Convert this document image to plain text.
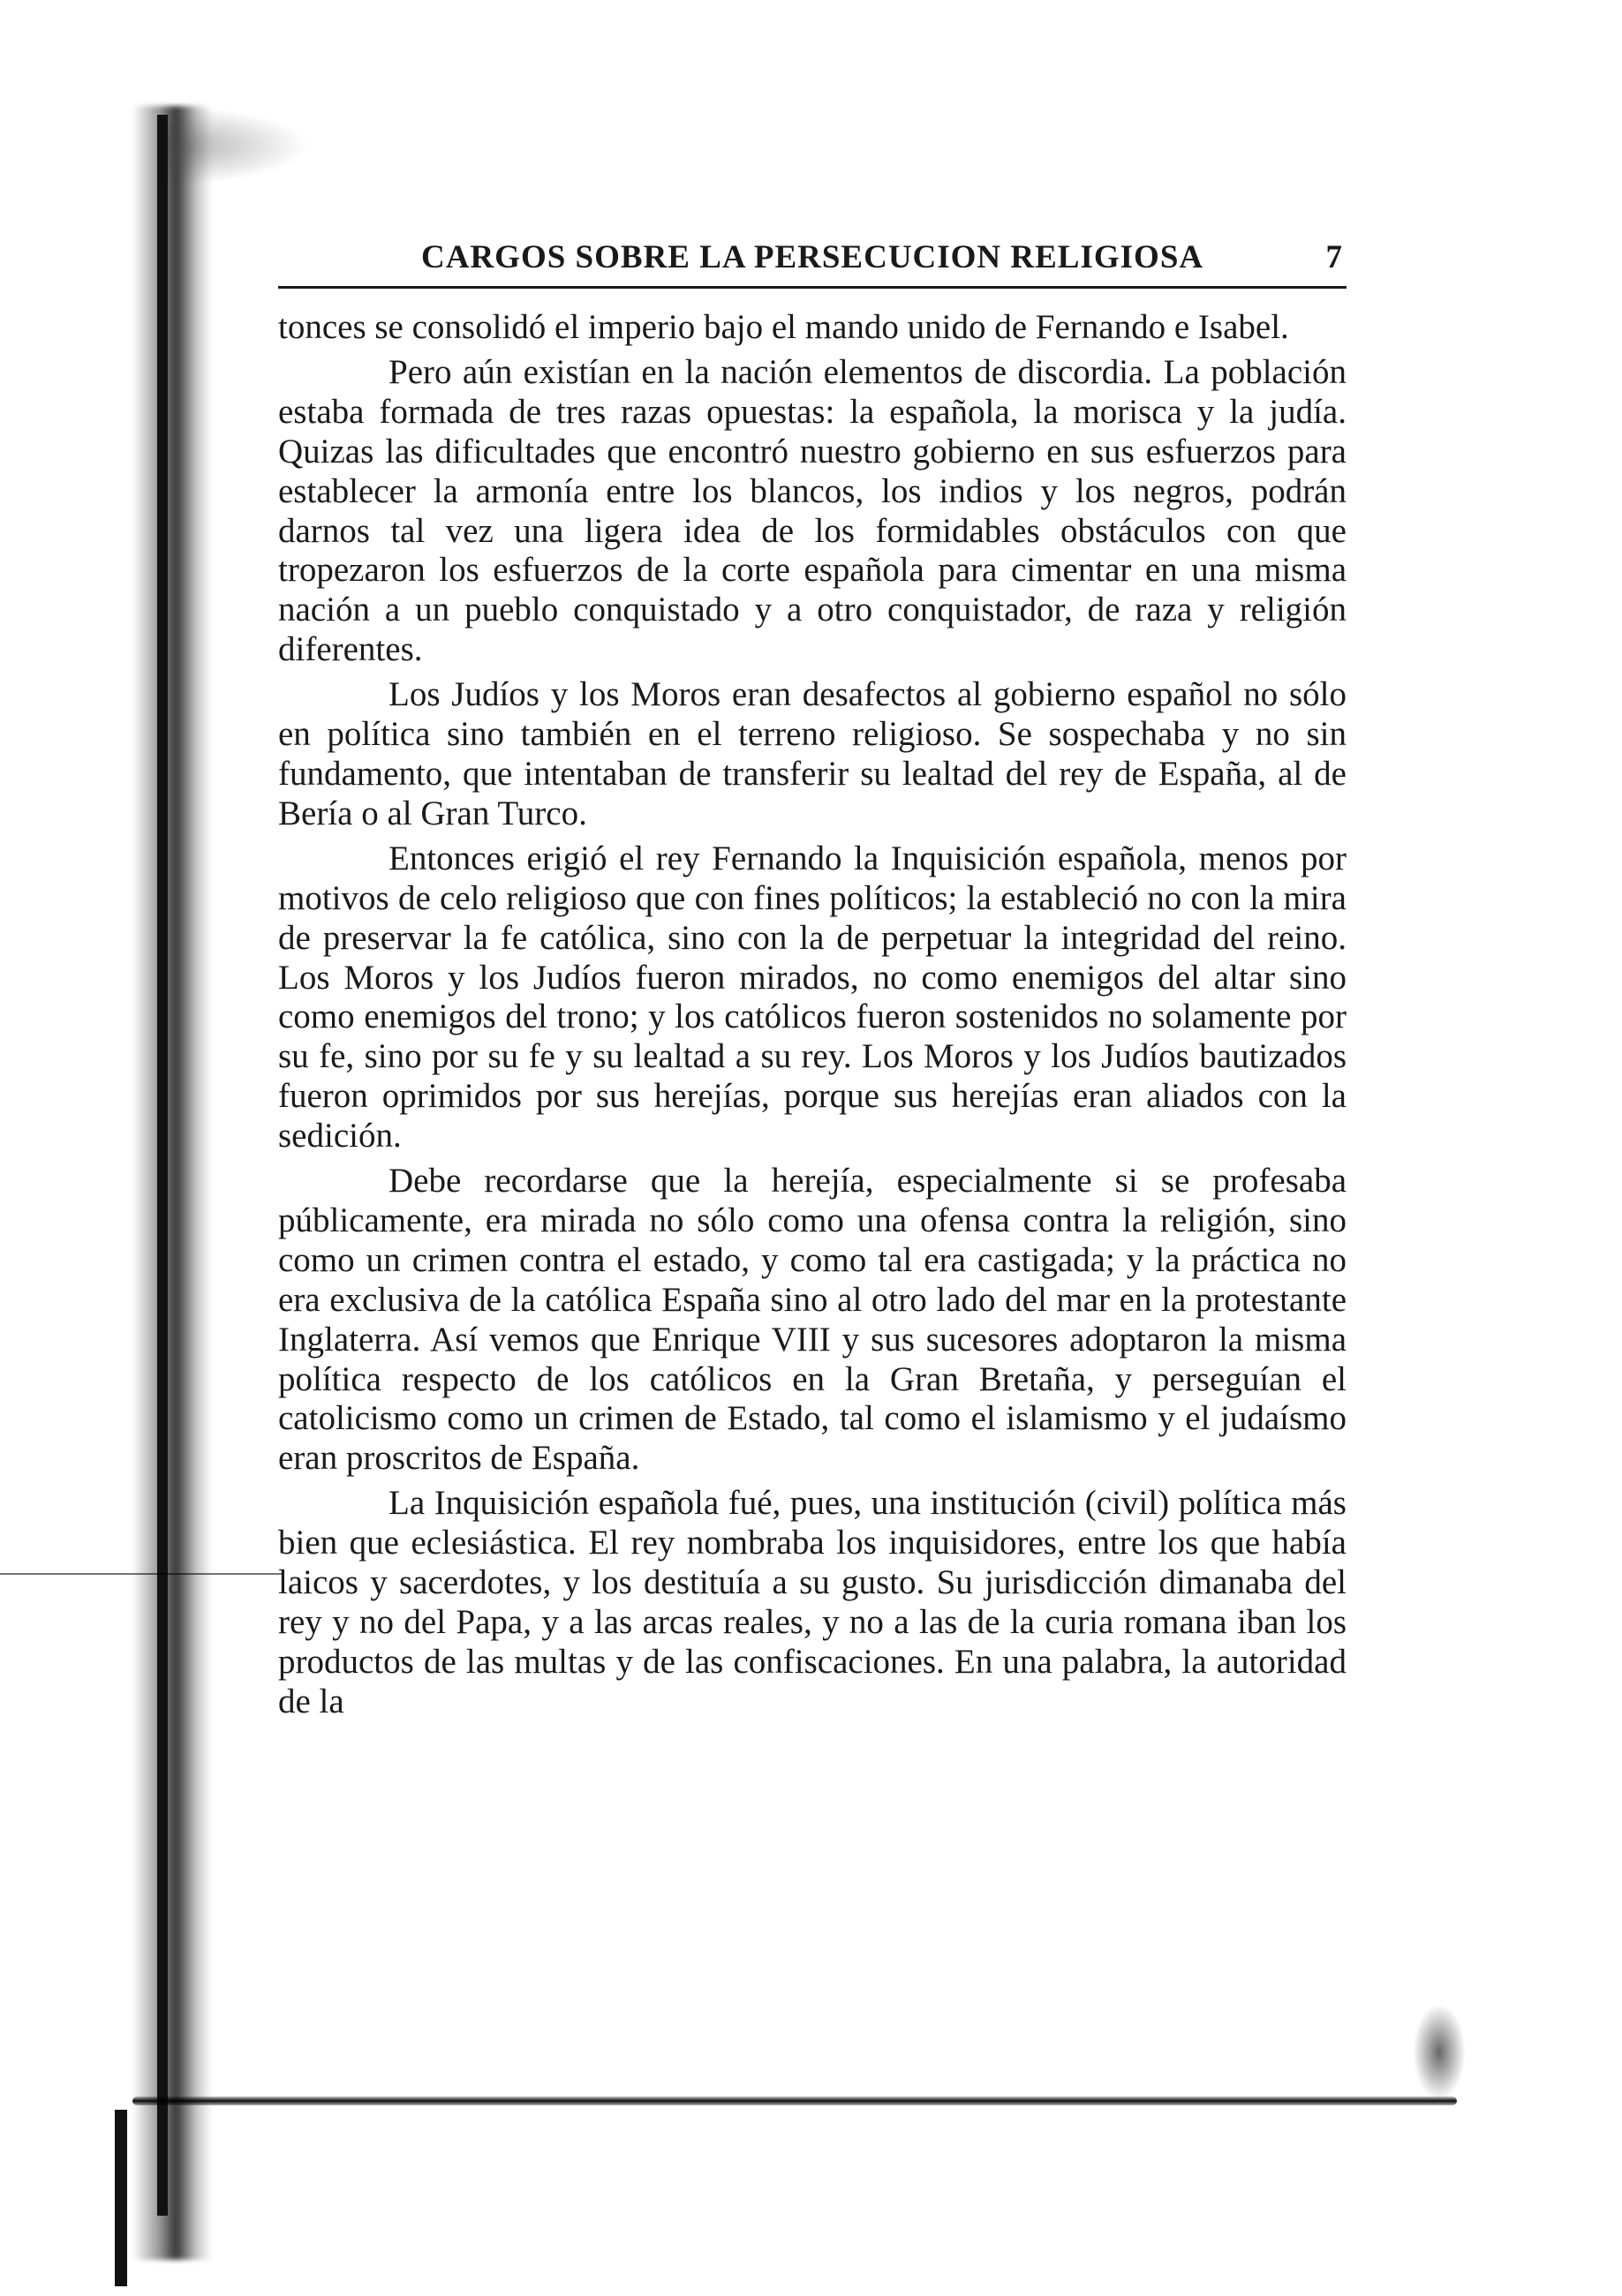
CARGOS SOBRE LA PERSECUCION RELIGIOSA	7

tonces se consolidó el imperio bajo el mando unido de Fernando e Isabel.

Pero aún existían en la nación elementos de discordia. La población estaba formada de tres razas opuestas: la española, la morisca y la judía. Quizas las dificultades que encontró nuestro gobierno en sus esfuerzos para establecer la armonía entre los blancos, los indios y los negros, podrán darnos tal vez una ligera idea de los formidables obstáculos con que tropezaron los esfuerzos de la corte española para cimentar en una misma nación a un pueblo conquistado y a otro conquistador, de raza y religión diferentes.

Los Judíos y los Moros eran desafectos al gobierno español no sólo en política sino también en el terreno religioso. Se sospechaba y no sin fundamento, que intentaban de transferir su lealtad del rey de España, al de Bería o al Gran Turco.

Entonces erigió el rey Fernando la Inquisición española, menos por motivos de celo religioso que con fines políticos; la estableció no con la mira de preservar la fe católica, sino con la de perpetuar la integridad del reino. Los Moros y los Judíos fueron mirados, no como enemigos del altar sino como enemigos del trono; y los católicos fueron sostenidos no solamente por su fe, sino por su fe y su lealtad a su rey. Los Moros y los Judíos bautizados fueron oprimidos por sus herejías, porque sus herejías eran aliados con la sedición.

Debe recordarse que la herejía, especialmente si se profesaba públicamente, era mirada no sólo como una ofensa contra la religión, sino como un crimen contra el estado, y como tal era castigada; y la práctica no era exclusiva de la católica España sino al otro lado del mar en la protestante Inglaterra. Así vemos que Enrique VIII y sus sucesores adoptaron la misma política respecto de los católicos en la Gran Bretaña, y perseguían el catolicismo como un crimen de Estado, tal como el islamismo y el judaísmo eran proscritos de España.

La Inquisición española fué, pues, una institución (civil) política más bien que eclesiástica. El rey nombraba los inquisidores, entre los que había laicos y sacerdotes, y los destituía a su gusto. Su jurisdicción dimanaba del rey y no del Papa, y a las arcas reales, y no a las de la curia romana iban los productos de las multas y de las confiscaciones. En una palabra, la autoridad de la
